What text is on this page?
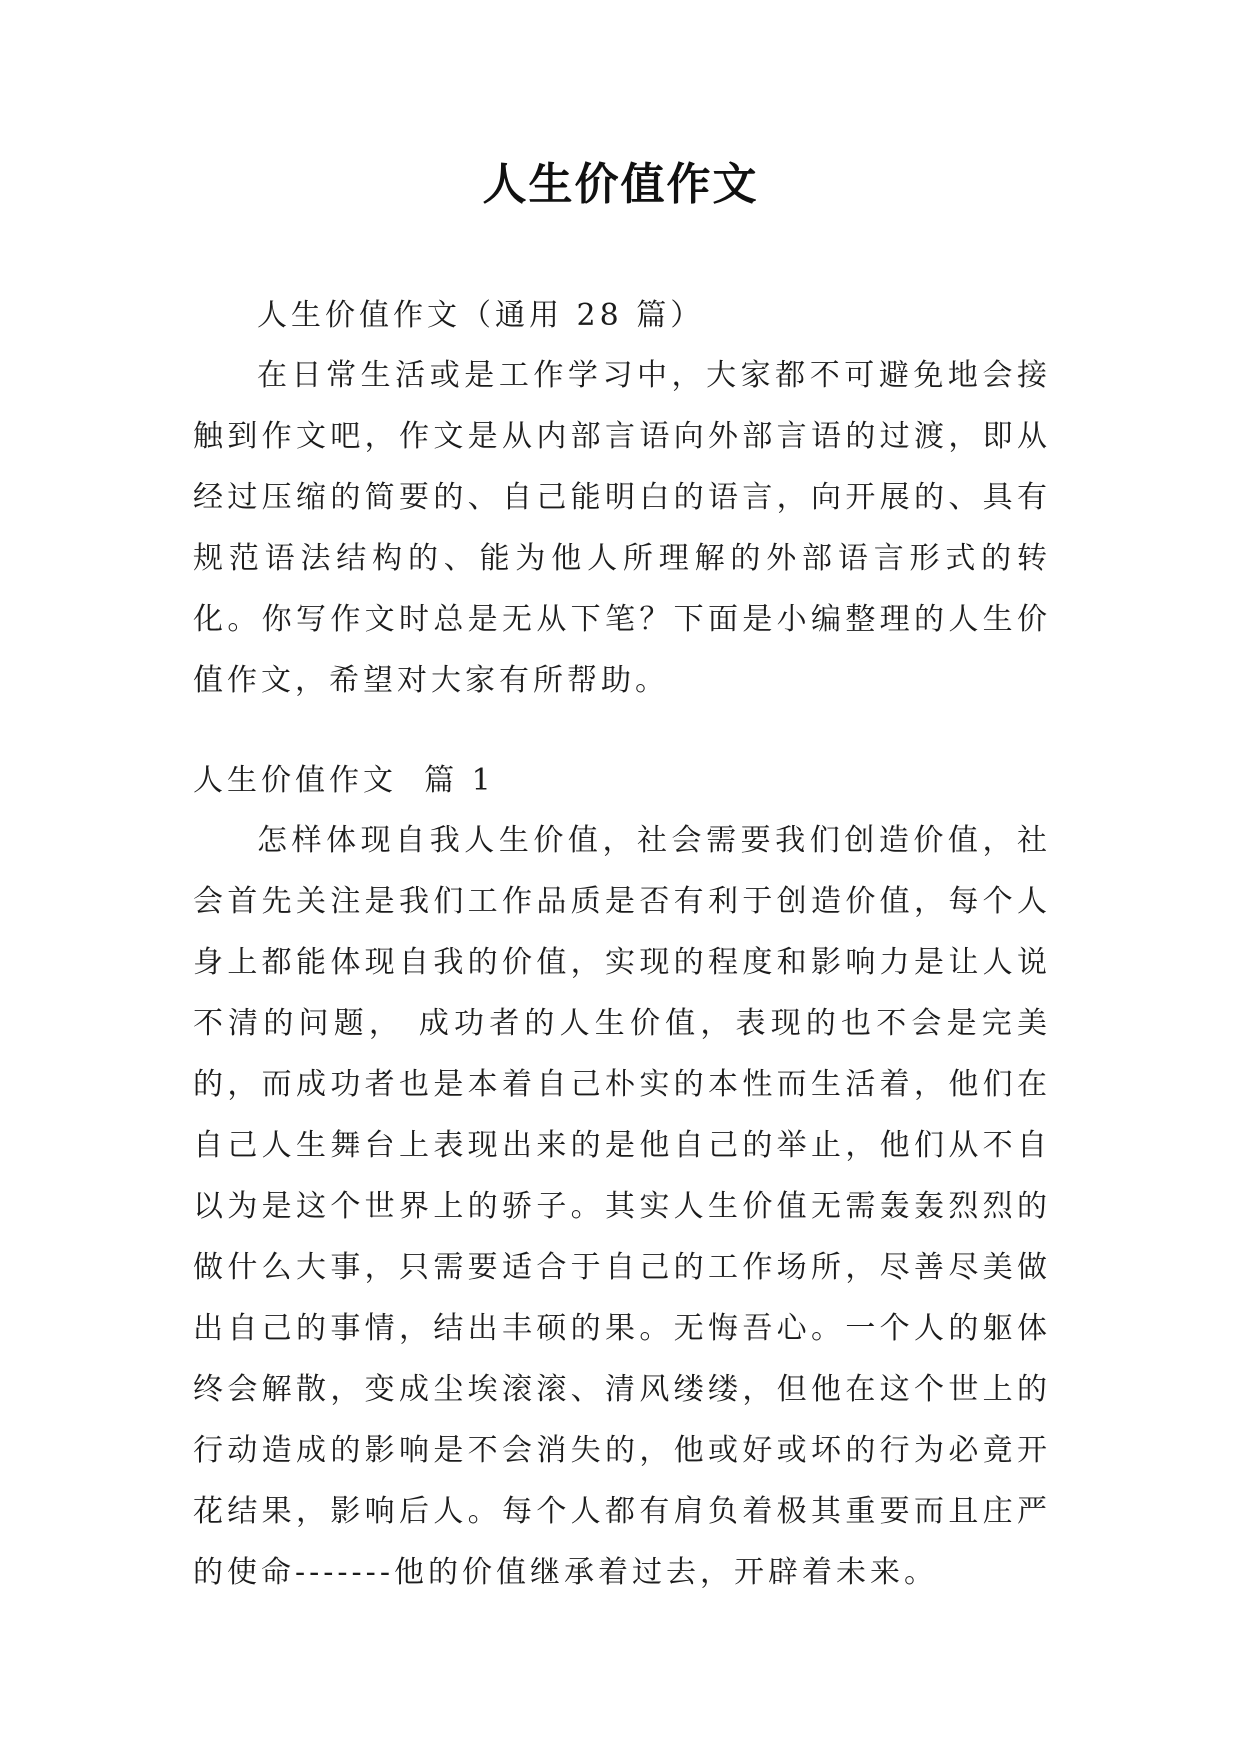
人生价值作文

人生价值作文（通用 28 篇）

在日常生活或是工作学习中，大家都不可避免地会接触到作文吧，作文是从内部言语向外部言语的过渡，即从经过压缩的简要的、自己能明白的语言，向开展的、具有规范语法结构的、能为他人所理解的外部语言形式的转化。你写作文时总是无从下笔？下面是小编整理的人生价值作文，希望对大家有所帮助。

人生价值作文  篇 1

怎样体现自我人生价值，社会需要我们创造价值，社会首先关注是我们工作品质是否有利于创造价值，每个人身上都能体现自我的价值，实现的程度和影响力是让人说不清的问题， 成功者的人生价值，表现的也不会是完美的，而成功者也是本着自己朴实的本性而生活着，他们在自己人生舞台上表现出来的是他自己的举止，他们从不自以为是这个世界上的骄子。其实人生价值无需轰轰烈烈的做什么大事，只需要适合于自己的工作场所，尽善尽美做出自己的事情，结出丰硕的果。无悔吾心。一个人的躯体终会解散，变成尘埃滚滚、清风缕缕，但他在这个世上的行动造成的影响是不会消失的，他或好或坏的行为必竟开花结果，影响后人。每个人都有肩负着极其重要而且庄严的使命-------他的价值继承着过去，开辟着未来。
